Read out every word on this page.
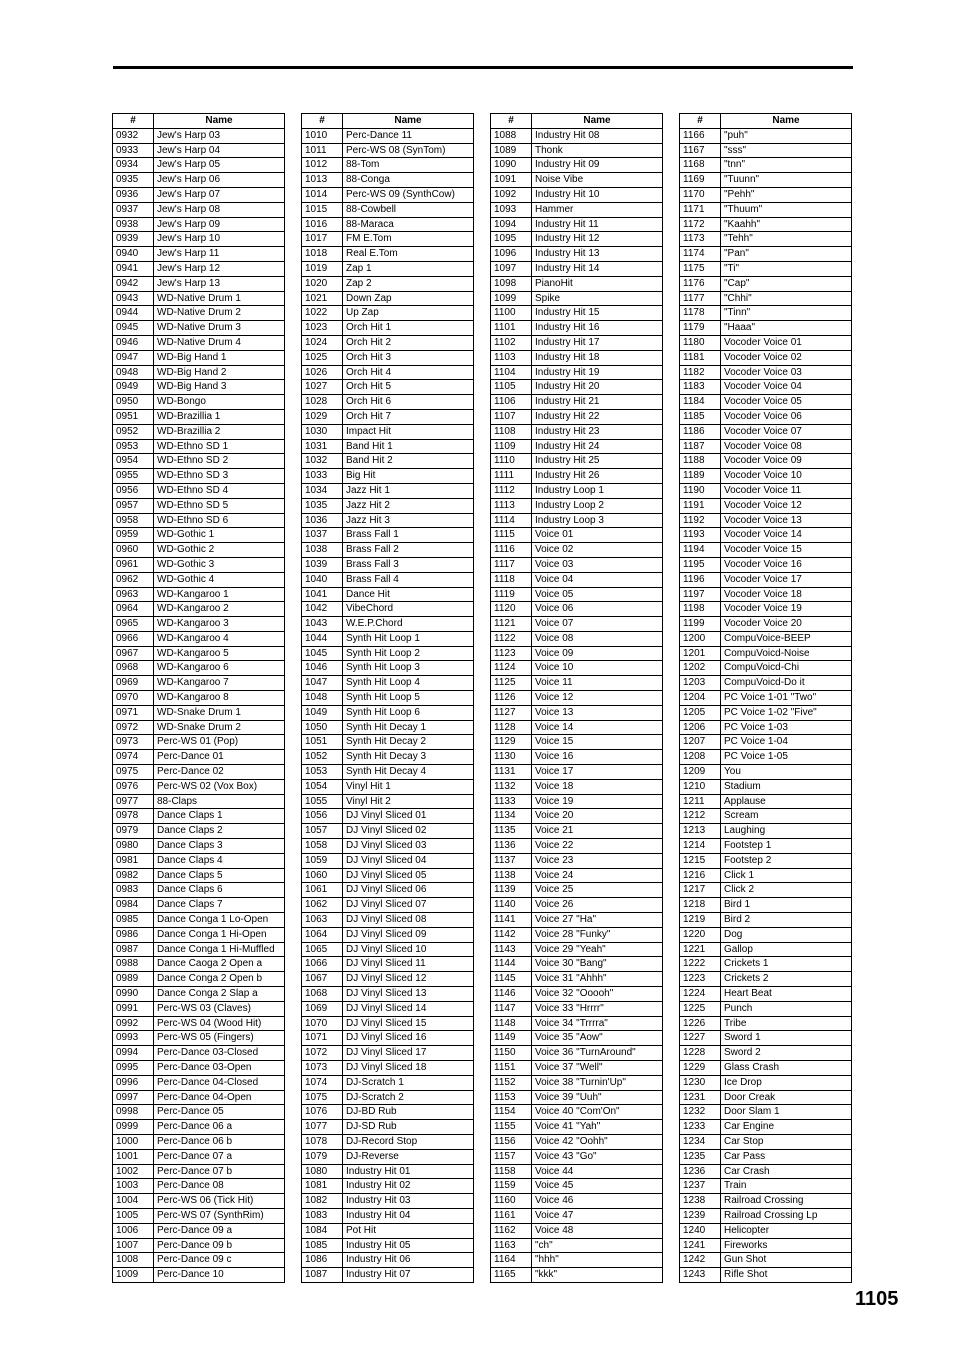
#	Name
0932	Jew's Harp 03
0933	Jew's Harp 04
0934	Jew's Harp 05
0935	Jew's Harp 06
0936	Jew's Harp 07
0937	Jew's Harp 08
0938	Jew's Harp 09
0939	Jew's Harp 10
0940	Jew's Harp 11
0941	Jew's Harp 12
0942	Jew's Harp 13
0943	WD-Native Drum 1
0944	WD-Native Drum 2
0945	WD-Native Drum 3
0946	WD-Native Drum 4
0947	WD-Big Hand 1
0948	WD-Big Hand 2
0949	WD-Big Hand 3
0950	WD-Bongo
0951	WD-Brazillia 1
0952	WD-Brazillia 2
0953	WD-Ethno SD 1
0954	WD-Ethno SD 2
0955	WD-Ethno SD 3
0956	WD-Ethno SD 4
0957	WD-Ethno SD 5
0958	WD-Ethno SD 6
0959	WD-Gothic 1
0960	WD-Gothic 2
0961	WD-Gothic 3
0962	WD-Gothic 4
0963	WD-Kangaroo 1
0964	WD-Kangaroo 2
0965	WD-Kangaroo 3
0966	WD-Kangaroo 4
0967	WD-Kangaroo 5
0968	WD-Kangaroo 6
0969	WD-Kangaroo 7
0970	WD-Kangaroo 8
0971	WD-Snake Drum 1
0972	WD-Snake Drum 2
0973	Perc-WS 01 (Pop)
0974	Perc-Dance 01
0975	Perc-Dance 02
0976	Perc-WS 02 (Vox Box)
0977	88-Claps
0978	Dance Claps 1
0979	Dance Claps 2
0980	Dance Claps 3
0981	Dance Claps 4
0982	Dance Claps 5
0983	Dance Claps 6
0984	Dance Claps 7
0985	Dance Conga 1 Lo-Open
0986	Dance Conga 1 Hi-Open
0987	Dance Conga 1 Hi-Muffled
0988	Dance Caoga 2 Open a
0989	Dance Conga 2 Open b
0990	Dance Conga 2 Slap a
0991	Perc-WS 03 (Claves)
0992	Perc-WS 04 (Wood Hit)
0993	Perc-WS 05 (Fingers)
0994	Perc-Dance 03-Closed
0995	Perc-Dance 03-Open
0996	Perc-Dance 04-Closed
0997	Perc-Dance 04-Open
0998	Perc-Dance 05
0999	Perc-Dance 06 a
1000	Perc-Dance 06 b
1001	Perc-Dance 07 a
1002	Perc-Dance 07 b
1003	Perc-Dance 08
1004	Perc-WS 06 (Tick Hit)
1005	Perc-WS 07 (SynthRim)
1006	Perc-Dance 09 a
1007	Perc-Dance 09 b
1008	Perc-Dance 09 c
1009	Perc-Dance 10
#	Name
1010	Perc-Dance 11
1011	Perc-WS 08 (SynTom)
1012	88-Tom
1013	88-Conga
1014	Perc-WS 09 (SynthCow)
1015	88-Cowbell
1016	88-Maraca
1017	FM E.Tom
1018	Real E.Tom
1019	Zap 1
1020	Zap 2
1021	Down Zap
1022	Up Zap
1023	Orch Hit 1
1024	Orch Hit 2
1025	Orch Hit 3
1026	Orch Hit 4
1027	Orch Hit 5
1028	Orch Hit 6
1029	Orch Hit 7
1030	Impact Hit
1031	Band Hit 1
1032	Band Hit 2
1033	Big Hit
1034	Jazz Hit 1
1035	Jazz Hit 2
1036	Jazz Hit 3
1037	Brass Fall 1
1038	Brass Fall 2
1039	Brass Fall 3
1040	Brass Fall 4
1041	Dance Hit
1042	VibeChord
1043	W.E.P.Chord
1044	Synth Hit Loop 1
1045	Synth Hit Loop 2
1046	Synth Hit Loop 3
1047	Synth Hit Loop 4
1048	Synth Hit Loop 5
1049	Synth Hit Loop 6
1050	Synth Hit Decay 1
1051	Synth Hit Decay 2
1052	Synth Hit Decay 3
1053	Synth Hit Decay 4
1054	Vinyl Hit 1
1055	Vinyl Hit 2
1056	DJ Vinyl Sliced 01
1057	DJ Vinyl Sliced 02
1058	DJ Vinyl Sliced 03
1059	DJ Vinyl Sliced 04
1060	DJ Vinyl Sliced 05
1061	DJ Vinyl Sliced 06
1062	DJ Vinyl Sliced 07
1063	DJ Vinyl Sliced 08
1064	DJ Vinyl Sliced 09
1065	DJ Vinyl Sliced 10
1066	DJ Vinyl Sliced 11
1067	DJ Vinyl Sliced 12
1068	DJ Vinyl Sliced 13
1069	DJ Vinyl Sliced 14
1070	DJ Vinyl Sliced 15
1071	DJ Vinyl Sliced 16
1072	DJ Vinyl Sliced 17
1073	DJ Vinyl Sliced 18
1074	DJ-Scratch 1
1075	DJ-Scratch 2
1076	DJ-BD Rub
1077	DJ-SD Rub
1078	DJ-Record Stop
1079	DJ-Reverse
1080	Industry Hit 01
1081	Industry Hit 02
1082	Industry Hit 03
1083	Industry Hit 04
1084	Pot Hit
1085	Industry Hit 05
1086	Industry Hit 06
1087	Industry Hit 07
#	Name
1088	Industry Hit 08
1089	Thonk
1090	Industry Hit 09
1091	Noise Vibe
1092	Industry Hit 10
1093	Hammer
1094	Industry Hit 11
1095	Industry Hit 12
1096	Industry Hit 13
1097	Industry Hit 14
1098	PianoHit
1099	Spike
1100	Industry Hit 15
1101	Industry Hit 16
1102	Industry Hit 17
1103	Industry Hit 18
1104	Industry Hit 19
1105	Industry Hit 20
1106	Industry Hit 21
1107	Industry Hit 22
1108	Industry Hit 23
1109	Industry Hit 24
1110	Industry Hit 25
1111	Industry Hit 26
1112	Industry Loop 1
1113	Industry Loop 2
1114	Industry Loop 3
1115	Voice 01
1116	Voice 02
1117	Voice 03
1118	Voice 04
1119	Voice 05
1120	Voice 06
1121	Voice 07
1122	Voice 08
1123	Voice 09
1124	Voice 10
1125	Voice 11
1126	Voice 12
1127	Voice 13
1128	Voice 14
1129	Voice 15
1130	Voice 16
1131	Voice 17
1132	Voice 18
1133	Voice 19
1134	Voice 20
1135	Voice 21
1136	Voice 22
1137	Voice 23
1138	Voice 24
1139	Voice 25
1140	Voice 26
1141	Voice 27 "Ha"
1142	Voice 28 "Funky"
1143	Voice 29 "Yeah"
1144	Voice 30 "Bang"
1145	Voice 31 "Ahhh"
1146	Voice 32 "Ooooh"
1147	Voice 33 "Hrrrr"
1148	Voice 34 "Trrrra"
1149	Voice 35 "Aow"
1150	Voice 36 "TurnAround"
1151	Voice 37 "Well"
1152	Voice 38 "Turnin'Up"
1153	Voice 39 "Uuh"
1154	Voice 40 "Com'On"
1155	Voice 41 "Yah"
1156	Voice 42 "Oohh"
1157	Voice 43 "Go"
1158	Voice 44
1159	Voice 45
1160	Voice 46
1161	Voice 47
1162	Voice 48
1163	"ch"
1164	"hhh"
1165	"kkk"
#	Name
1166	"puh"
1167	"sss"
1168	"tnn"
1169	"Tuunn"
1170	"Pehh"
1171	"Thuum"
1172	"Kaahh"
1173	"Tehh"
1174	"Pan"
1175	"Ti"
1176	"Cap"
1177	"Chhi"
1178	"Tinn"
1179	"Haaa"
1180	Vocoder Voice 01
1181	Vocoder Voice 02
1182	Vocoder Voice 03
1183	Vocoder Voice 04
1184	Vocoder Voice 05
1185	Vocoder Voice 06
1186	Vocoder Voice 07
1187	Vocoder Voice 08
1188	Vocoder Voice 09
1189	Vocoder Voice 10
1190	Vocoder Voice 11
1191	Vocoder Voice 12
1192	Vocoder Voice 13
1193	Vocoder Voice 14
1194	Vocoder Voice 15
1195	Vocoder Voice 16
1196	Vocoder Voice 17
1197	Vocoder Voice 18
1198	Vocoder Voice 19
1199	Vocoder Voice 20
1200	CompuVoice-BEEP
1201	CompuVoicd-Noise
1202	CompuVoicd-Chi
1203	CompuVoicd-Do it
1204	PC Voice 1-01 "Two"
1205	PC Voice 1-02 "Five"
1206	PC Voice 1-03
1207	PC Voice 1-04
1208	PC Voice 1-05
1209	You
1210	Stadium
1211	Applause
1212	Scream
1213	Laughing
1214	Footstep 1
1215	Footstep 2
1216	Click 1
1217	Click 2
1218	Bird 1
1219	Bird 2
1220	Dog
1221	Gallop
1222	Crickets 1
1223	Crickets 2
1224	Heart Beat
1225	Punch
1226	Tribe
1227	Sword 1
1228	Sword 2
1229	Glass Crash
1230	Ice Drop
1231	Door Creak
1232	Door Slam 1
1233	Car Engine
1234	Car Stop
1235	Car Pass
1236	Car Crash
1237	Train
1238	Railroad Crossing
1239	Railroad Crossing Lp
1240	Helicopter
1241	Fireworks
1242	Gun Shot
1243	Rifle Shot
1105
